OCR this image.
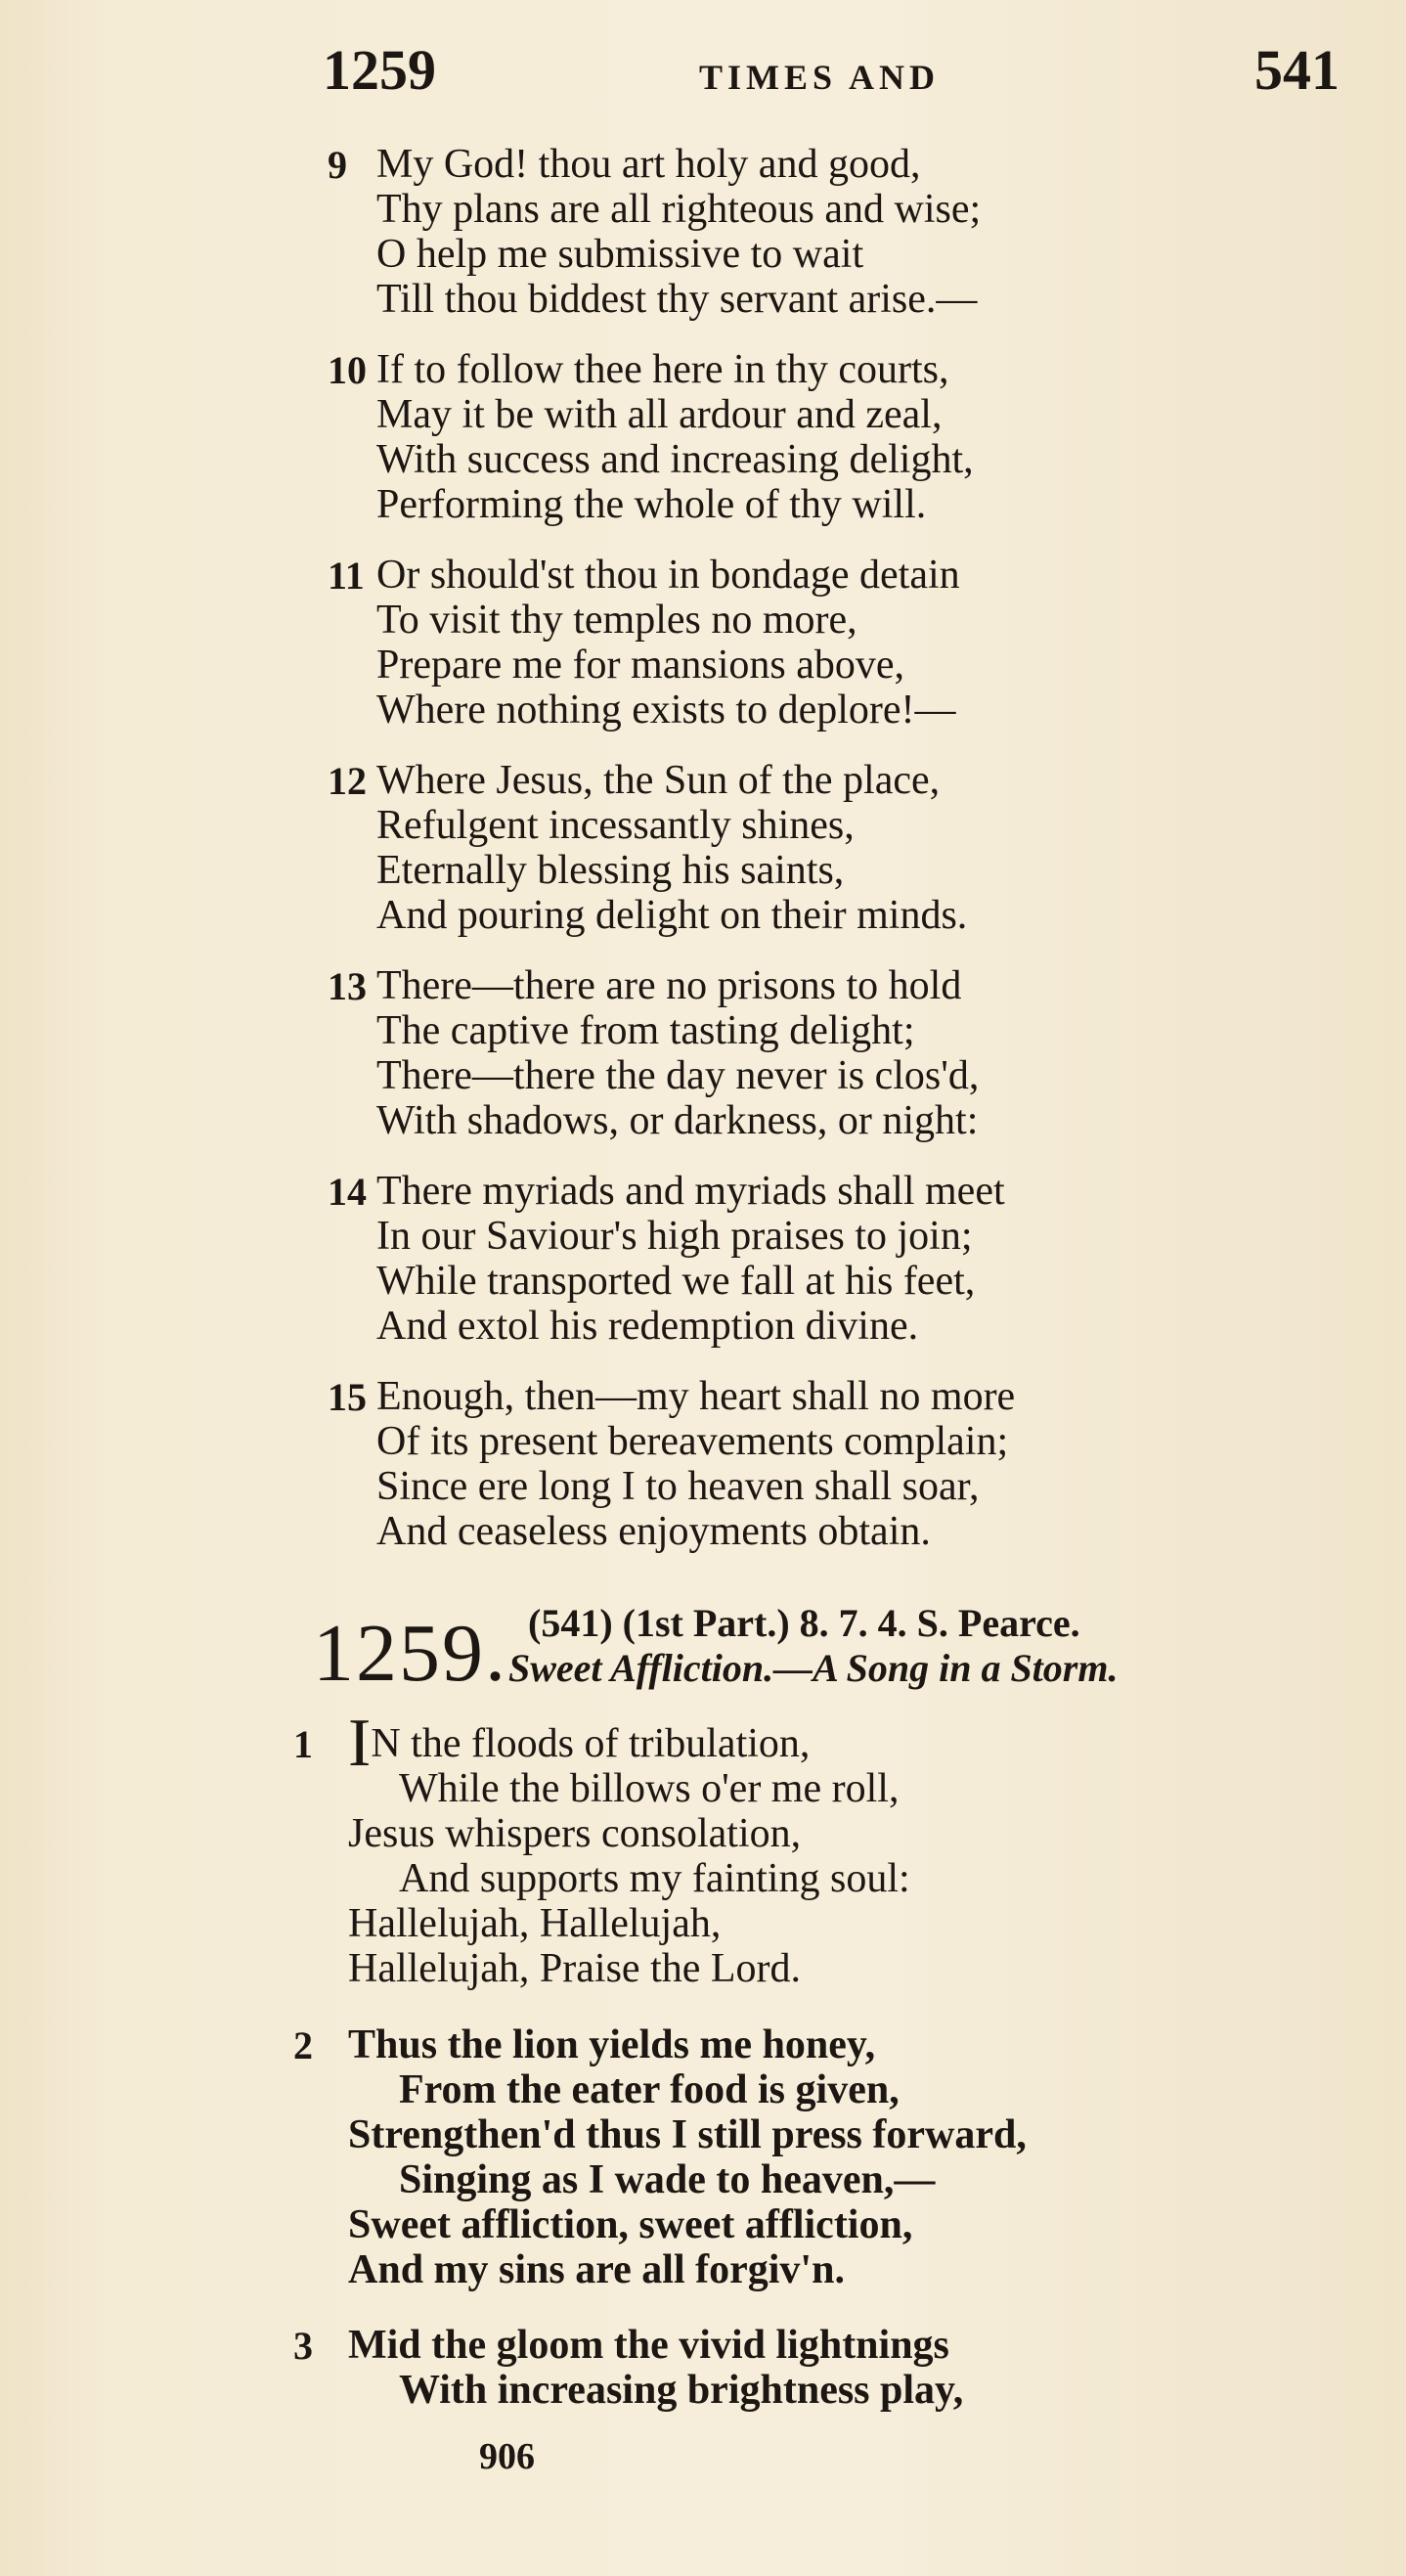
1259	TIMES AND	541
9 My God! thou art holy and good,
Thy plans are all righteous and wise;
O help me submissive to wait
Till thou biddest thy servant arise.—
10 If to follow thee here in thy courts,
May it be with all ardour and zeal,
With success and increasing delight,
Performing the whole of thy will.
11 Or should'st thou in bondage detain
To visit thy temples no more,
Prepare me for mansions above,
Where nothing exists to deplore!—
12 Where Jesus, the Sun of the place,
Refulgent incessantly shines,
Eternally blessing his saints,
And pouring delight on their minds.
13 There—there are no prisons to hold
The captive from tasting delight;
There—there the day never is clos'd,
With shadows, or darkness, or night:
14 There myriads and myriads shall meet
In our Saviour's high praises to join;
While transported we fall at his feet,
And extol his redemption divine.
15 Enough, then—my heart shall no more
Of its present bereavements complain;
Since ere long I to heaven shall soar,
And ceaseless enjoyments obtain.
1259. (541) (1st Part.) 8. 7. 4. S. Pearce.
Sweet Affliction.—A Song in a Storm.
1 IN the floods of tribulation,
While the billows o'er me roll,
Jesus whispers consolation,
And supports my fainting soul:
Hallelujah, Hallelujah,
Hallelujah, Praise the Lord.
2 Thus the lion yields me honey,
From the eater food is given,
Strengthen'd thus I still press forward,
Singing as I wade to heaven,—
Sweet affliction, sweet affliction,
And my sins are all forgiv'n.
3 Mid the gloom the vivid lightnings
With increasing brightness play,
906
